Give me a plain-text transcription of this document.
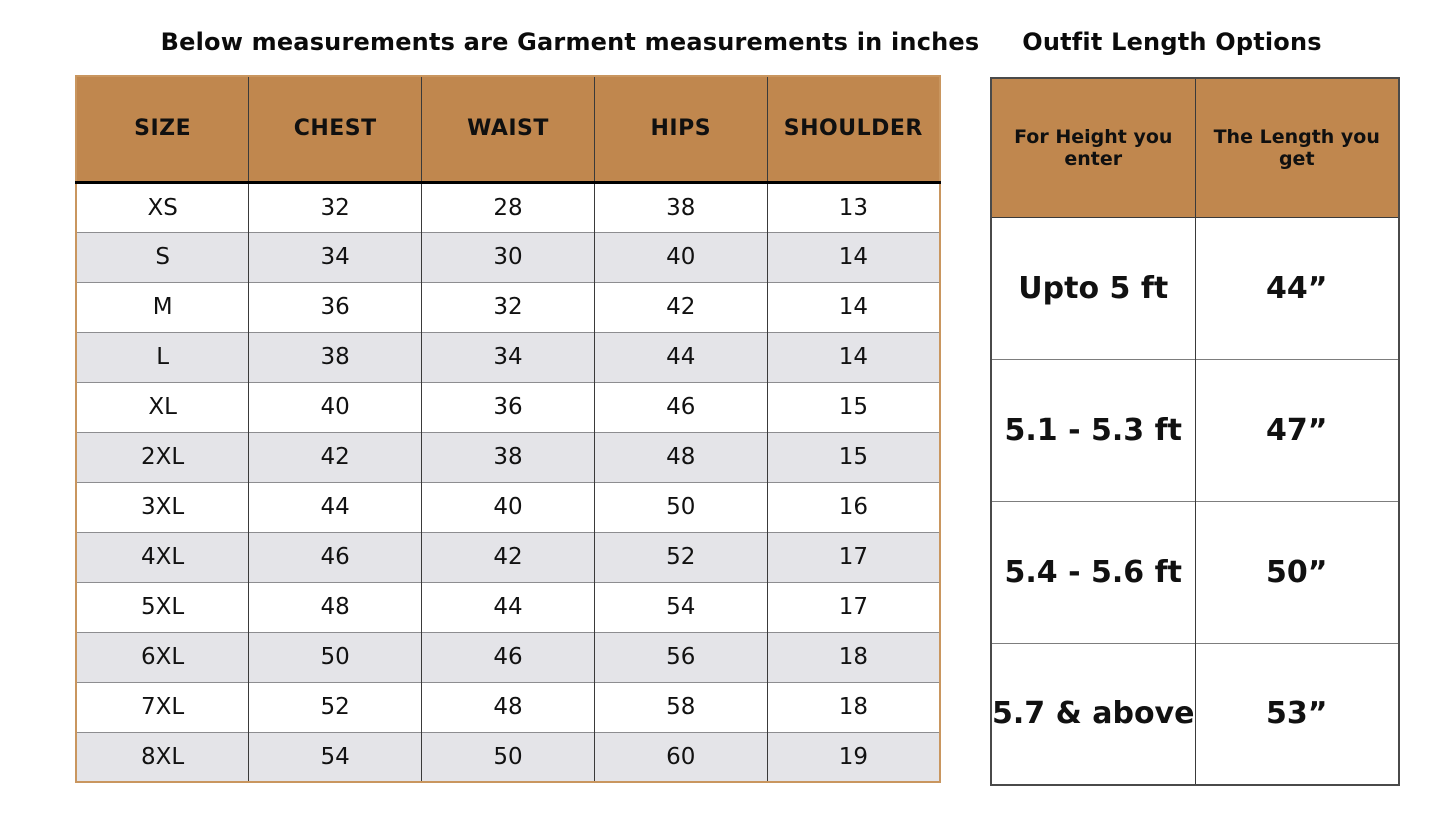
Below measurements are Garment measurements in inches	Outfit Length Options
SIZE	CHEST	WAIST	HIPS	SHOULDER
XS	32	28	38	13
S	34	30	40	14
M	36	32	42	14
L	38	34	44	14
XL	40	36	46	15
2XL	42	38	48	15
3XL	44	40	50	16
4XL	46	42	52	17
5XL	48	44	54	17
6XL	50	46	56	18
7XL	52	48	58	18
8XL	54	50	60	19
For Height you enter	The Length you get
Upto 5 ft	44”
5.1 - 5.3 ft	47”
5.4 - 5.6 ft	50”
5.7 & above	53”
